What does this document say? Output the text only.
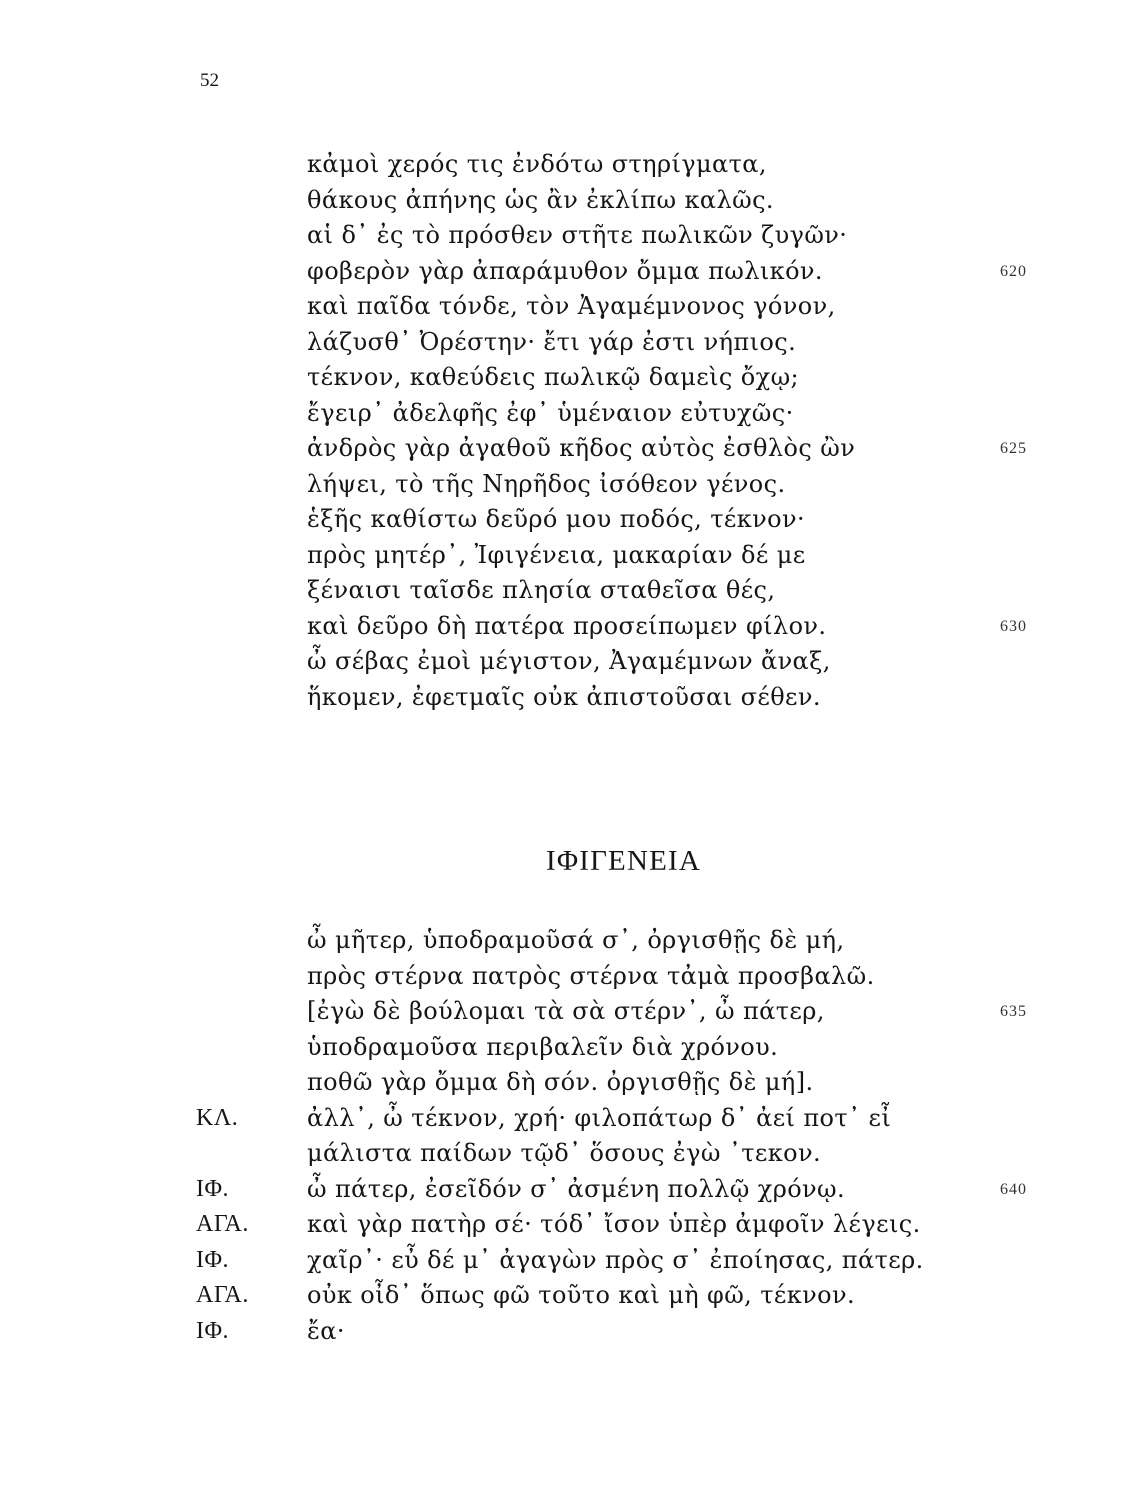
52
κἀμοὶ χερός τις ἐνδότω στηρίγματα,
θάκους ἀπήνης ὡς ἂν ἐκλίπω καλῶς.
αἱ δ᾽ ἐς τὸ πρόσθεν στῆτε πωλικῶν ζυγῶν·
φοβερὸν γὰρ ἀπαράμυθον ὄμμα πωλικόν.	620
καὶ παῖδα τόνδε, τὸν Ἀγαμέμνονος γόνον,
λάζυσθ᾽ Ὀρέστην· ἔτι γάρ ἐστι νήπιος.
τέκνον, καθεύδεις πωλικῷ δαμεὶς ὄχῳ;
ἔγειρ᾽ ἀδελφῆς ἐφ᾽ ὑμέναιον εὐτυχῶς·
ἀνδρὸς γὰρ ἀγαθοῦ κῆδος αὐτὸς ἐσθλὸς ὢν	625
λήψει, τὸ τῆς Νηρῆδος ἰσόθεον γένος.
ἑξῆς καθίστω δεῦρό μου ποδός, τέκνον·
πρὸς μητέρ᾽, Ἰφιγένεια, μακαρίαν δέ με
ξέναισι ταῖσδε πλησία σταθεῖσα θές,
καὶ δεῦρο δὴ πατέρα προσείπωμεν φίλον.	630
ὦ σέβας ἐμοὶ μέγιστον, Ἀγαμέμνων ἄναξ,
ἥκομεν, ἐφετμαῖς οὐκ ἀπιστοῦσαι σέθεν.
ΙΦΙΓΕΝΕΙΑ
ὦ μῆτερ, ὑποδραμοῦσά σ᾽, ὀργισθῇς δὲ μή,
πρὸς στέρνα πατρὸς στέρνα τἀμὰ προσβαλῶ.
[ἐγὼ δὲ βούλομαι τὰ σὰ στέρν᾽, ὦ πάτερ,	635
ὑποδραμοῦσα περιβαλεῖν διὰ χρόνου.
ποθῶ γὰρ ὄμμα δὴ σόν. ὀργισθῇς δὲ μή].
ΚΛ.	ἀλλ᾽, ὦ τέκνον, χρή· φιλοπάτωρ δ᾽ ἀεί ποτ᾽ εἶ
μάλιστα παίδων τῷδ᾽ ὅσους ἐγὼ ᾽τεκον.
ΙΦ.	ὦ πάτερ, ἐσεῖδόν σ᾽ ἀσμένη πολλῷ χρόνῳ.	640
ΑΓΑ. καὶ γὰρ πατὴρ σέ· τόδ᾽ ἴσον ὑπὲρ ἀμφοῖν λέγεις.
ΙΦ.	χαῖρ᾽· εὖ δέ μ᾽ ἀγαγὼν πρὸς σ᾽ ἐποίησας, πάτερ.
ΑΓΑ. οὐκ οἶδ᾽ ὅπως φῶ τοῦτο καὶ μὴ φῶ, τέκνον.
ΙΦ.	ἔα·
